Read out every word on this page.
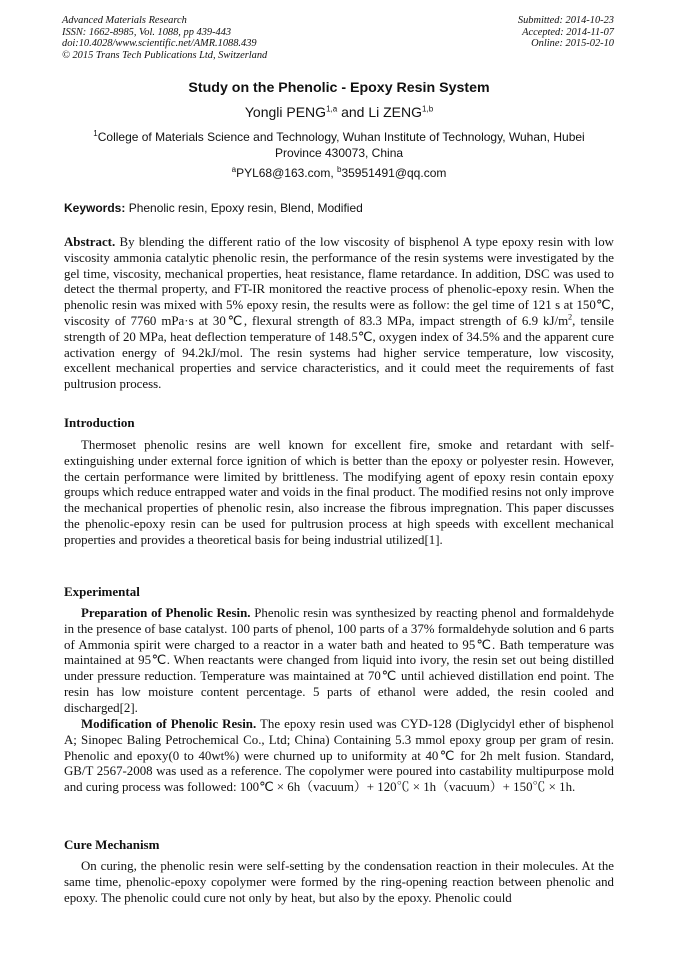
Advanced Materials Research
ISSN: 1662-8985, Vol. 1088, pp 439-443
doi:10.4028/www.scientific.net/AMR.1088.439
© 2015 Trans Tech Publications Ltd, Switzerland
Submitted: 2014-10-23
Accepted: 2014-11-07
Online: 2015-02-10
Study on the Phenolic - Epoxy Resin System
Yongli PENG$^{1,a}$ and Li ZENG$^{1,b}$
$^1$College of Materials Science and Technology, Wuhan Institute of Technology, Wuhan, Hubei Province 430073, China
$^a$PYL68@163.com, $^b$35951491@qq.com
Keywords: Phenolic resin, Epoxy resin, Blend, Modified
Abstract. By blending the different ratio of the low viscosity of bisphenol A type epoxy resin with low viscosity ammonia catalytic phenolic resin, the performance of the resin systems were investigated by the gel time, viscosity, mechanical properties, heat resistance, flame retardance. In addition, DSC was used to detect the thermal property, and FT-IR monitored the reactive process of phenolic-epoxy resin. When the phenolic resin was mixed with 5% epoxy resin, the results were as follow: the gel time of 121 s at 150℃, viscosity of 7760 mPa·s at 30℃, flexural strength of 83.3 MPa, impact strength of 6.9 $kJ/m^2$, tensile strength of 20 MPa, heat deflection temperature of 148.5℃, oxygen index of 34.5% and the apparent cure activation energy of 94.2kJ/mol. The resin systems had higher service temperature, low viscosity, excellent mechanical properties and service characteristics, and it could meet the requirements of fast pultrusion process.
Introduction
Thermoset phenolic resins are well known for excellent fire, smoke and retardant with self-extinguishing under external force ignition of which is better than the epoxy or polyester resin. However, the certain performance were limited by brittleness. The modifying agent of epoxy resin contain epoxy groups which reduce entrapped water and voids in the final product. The modified resins not only improve the mechanical properties of phenolic resin, also increase the fibrous impregnation. This paper discusses the phenolic-epoxy resin can be used for pultrusion process at high speeds with excellent mechanical properties and provides a theoretical basis for being industrial utilized[1].
Experimental
Preparation of Phenolic Resin. Phenolic resin was synthesized by reacting phenol and formaldehyde in the presence of base catalyst. 100 parts of phenol, 100 parts of a 37% formaldehyde solution and 6 parts of Ammonia spirit were charged to a reactor in a water bath and heated to 95℃. Bath temperature was maintained at 95℃. When reactants were changed from liquid into ivory, the resin set out being distilled under pressure reduction. Temperature was maintained at 70℃ until achieved distillation end point. The resin has low moisture content percentage. 5 parts of ethanol were added, the resin cooled and discharged[2].
Modification of Phenolic Resin. The epoxy resin used was CYD-128 (Diglycidyl ether of bisphenol A; Sinopec Baling Petrochemical Co., Ltd; China) Containing 5.3 mmol epoxy group per gram of resin. Phenolic and epoxy(0 to 40wt%) were churned up to uniformity at 40℃ for 2h melt fusion. Standard, GB/T 2567-2008 was used as a reference. The copolymer were poured into castability multipurpose mold and curing process was followed: 100℃ × 6h（vacuum）+ 120℃ × 1h（vacuum）+ 150℃ × 1h.
Cure Mechanism
On curing, the phenolic resin were self-setting by the condensation reaction in their molecules. At the same time, phenolic-epoxy copolymer were formed by the ring-opening reaction between phenolic and epoxy. The phenolic could cure not only by heat, but also by the epoxy. Phenolic could
